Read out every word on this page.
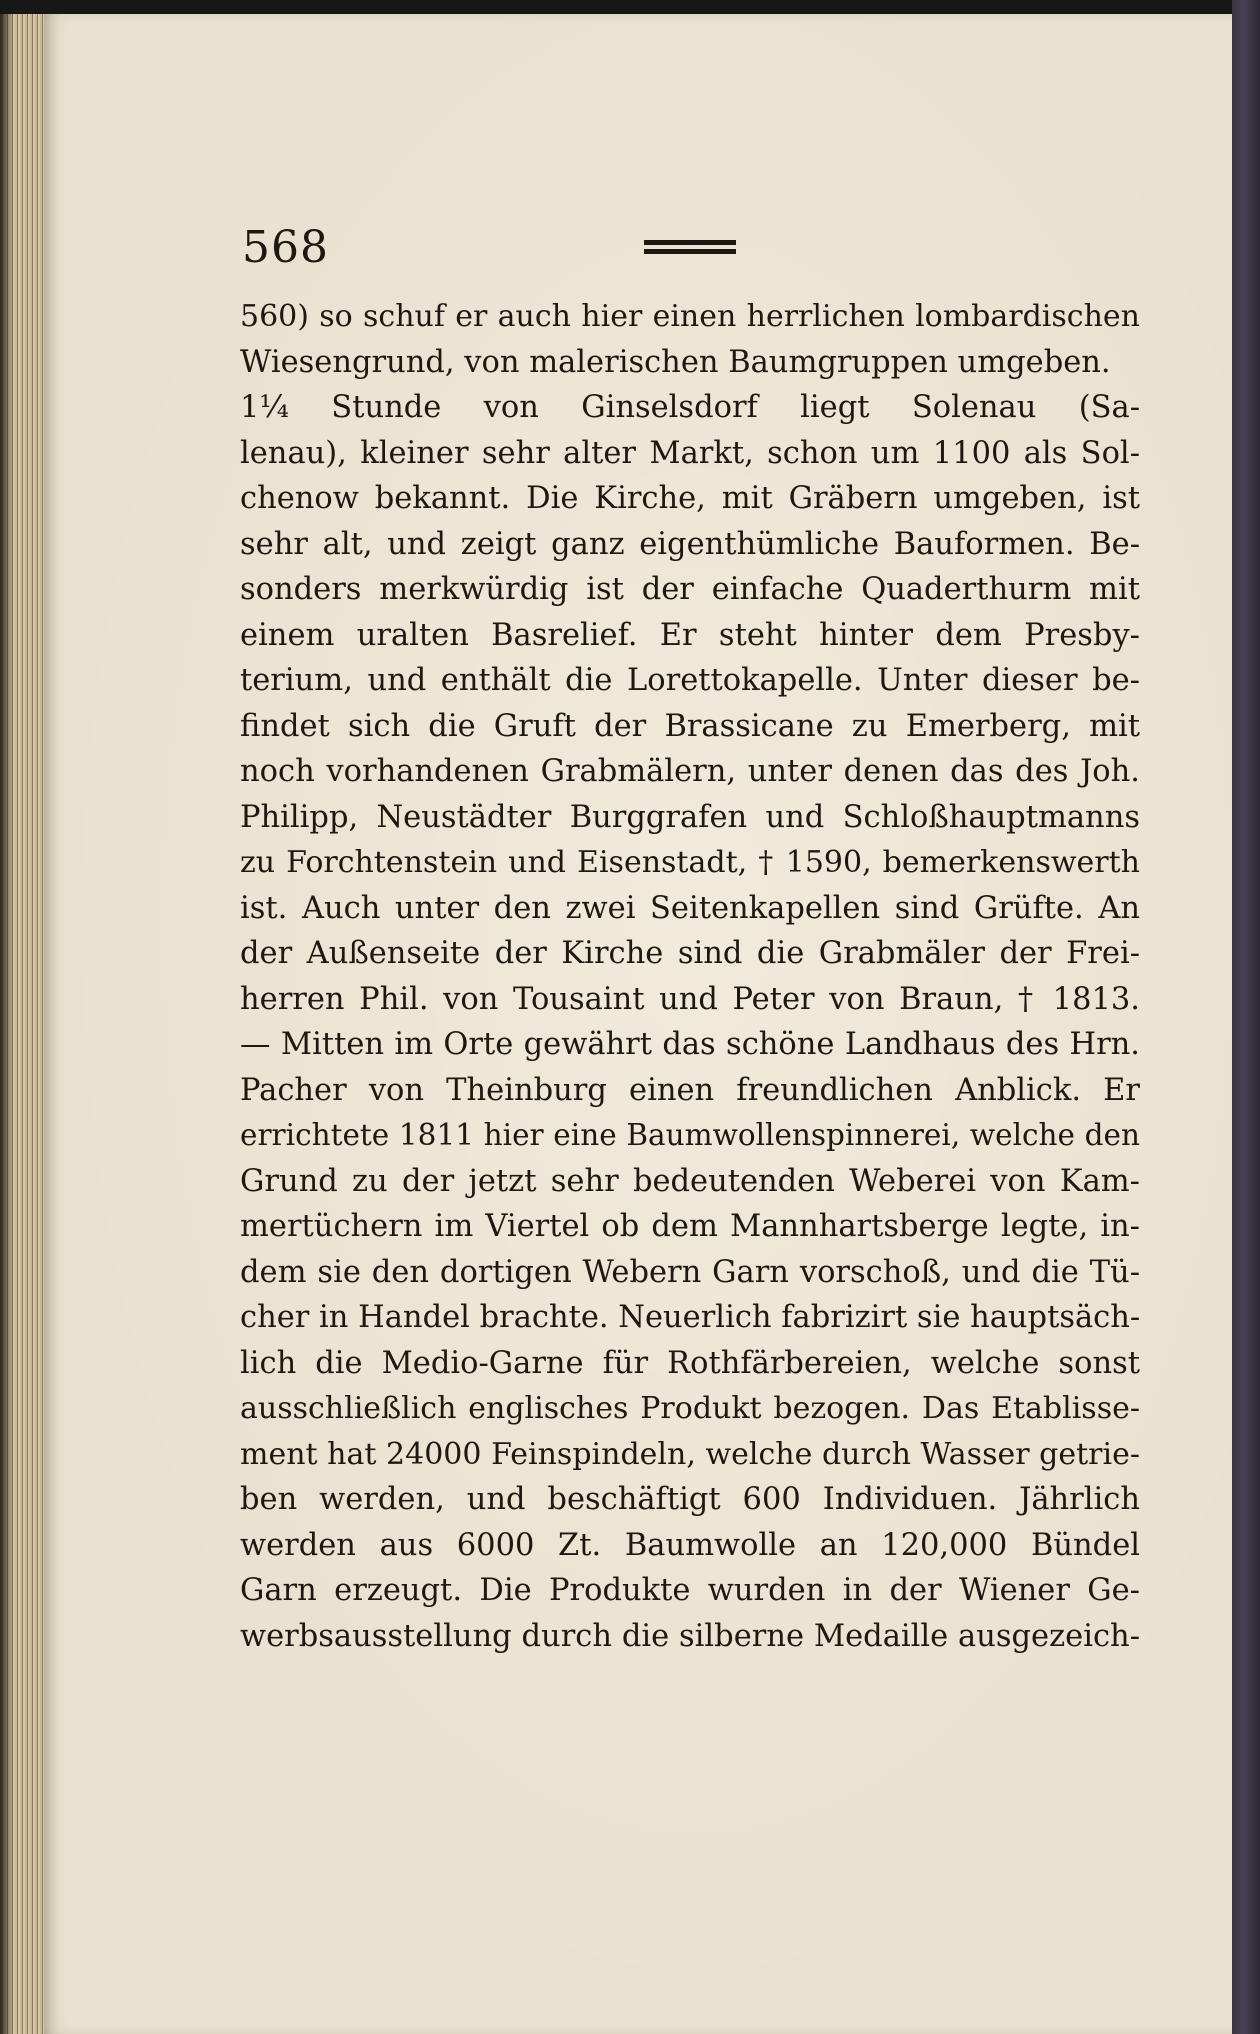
568
560) so schuf er auch hier einen herrlichen lombardischen
Wiesengrund, von malerischen Baumgruppen umgeben.
1¼ Stunde von Ginselsdorf liegt Solenau (Sa-
lenau), kleiner sehr alter Markt, schon um 1100 als Sol-
chenow bekannt. Die Kirche, mit Gräbern umgeben, ist
sehr alt, und zeigt ganz eigenthümliche Bauformen. Be-
sonders merkwürdig ist der einfache Quaderthurm mit
einem uralten Basrelief. Er steht hinter dem Presby-
terium, und enthält die Lorettokapelle. Unter dieser be-
findet sich die Gruft der Brassicane zu Emerberg, mit
noch vorhandenen Grabmälern, unter denen das des Joh.
Philipp, Neustädter Burggrafen und Schloßhauptmanns
zu Forchtenstein und Eisenstadt, † 1590, bemerkenswerth
ist. Auch unter den zwei Seitenkapellen sind Grüfte. An
der Außenseite der Kirche sind die Grabmäler der Frei-
herren Phil. von Tousaint und Peter von Braun, † 1813.
— Mitten im Orte gewährt das schöne Landhaus des Hrn.
Pacher von Theinburg einen freundlichen Anblick. Er
errichtete 1811 hier eine Baumwollenspinnerei, welche den
Grund zu der jetzt sehr bedeutenden Weberei von Kam-
mertüchern im Viertel ob dem Mannhartsberge legte, in-
dem sie den dortigen Webern Garn vorschoß, und die Tü-
cher in Handel brachte. Neuerlich fabrizirt sie hauptsäch-
lich die Medio-Garne für Rothfärbereien, welche sonst
ausschließlich englisches Produkt bezogen. Das Etablisse-
ment hat 24000 Feinspindeln, welche durch Wasser getrie-
ben werden, und beschäftigt 600 Individuen. Jährlich
werden aus 6000 Zt. Baumwolle an 120,000 Bündel
Garn erzeugt. Die Produkte wurden in der Wiener Ge-
werbsausstellung durch die silberne Medaille ausgezeich-
